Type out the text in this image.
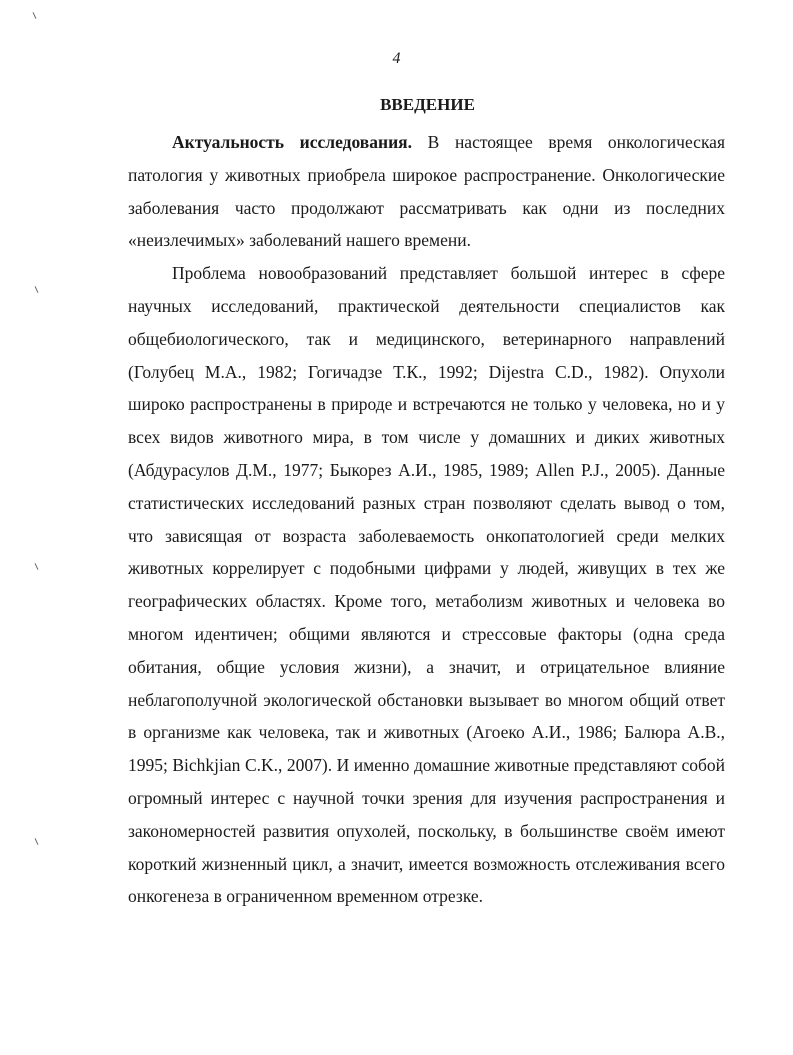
4
ВВЕДЕНИЕ

Актуальность исследования. В настоящее время онкологическая патология у животных приобрела широкое распространение. Онкологические заболевания часто продолжают рассматривать как одни из последних «неизлечимых» заболеваний нашего времени.

Проблема новообразований представляет большой интерес в сфере научных исследований, практической деятельности специалистов как общебиологического, так и медицинского, ветеринарного направлений (Голубец М.А., 1982; Гогичадзе Т.К., 1992; Dijestra C.D., 1982). Опухоли широко распространены в природе и встречаются не только у человека, но и у всех видов животного мира, в том числе у домашних и диких животных (Абдурасулов Д.М., 1977; Быкорез А.И., 1985, 1989; Allen P.J., 2005). Данные статистических исследований разных стран позволяют сделать вывод о том, что зависящая от возраста заболеваемость онкопатологией среди мелких животных коррелирует с подобными цифрами у людей, живущих в тех же географических областях. Кроме того, метаболизм животных и человека во многом идентичен; общими являются и стрессовые факторы (одна среда обитания, общие условия жизни), а значит, и отрицательное влияние неблагополучной экологической обстановки вызывает во многом общий ответ в организме как человека, так и животных (Агоеко А.И., 1986; Балюра А.В., 1995; Bichkjian C.K., 2007). И именно домашние животные представляют собой огромный интерес с научной точки зрения для изучения распространения и закономерностей развития опухолей, поскольку, в большинстве своём имеют короткий жизненный цикл, а значит, имеется возможность отслеживания всего онкогенеза в ограниченном временном отрезке.
